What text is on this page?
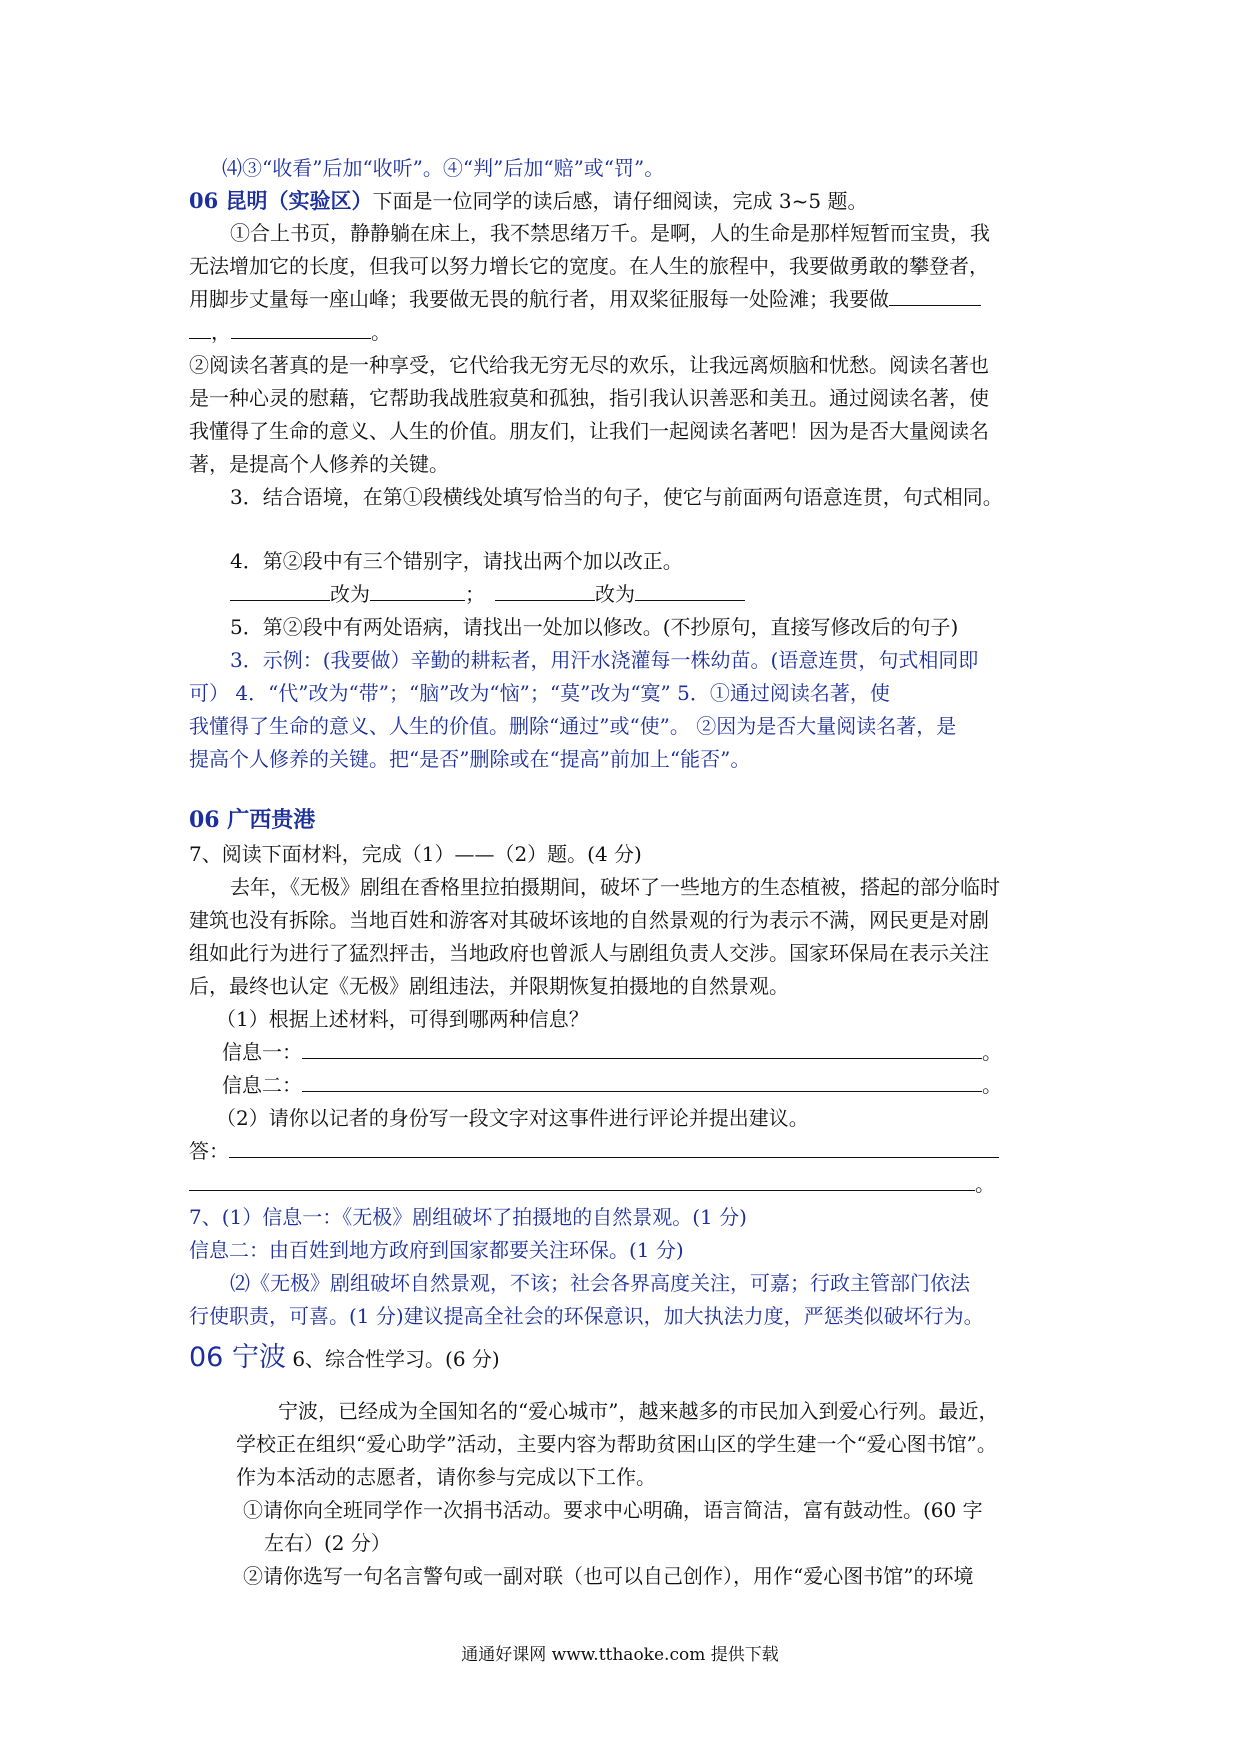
⑷③“收看”后加“收听”。④“判”后加“赔”或“罚”。
06 昆明（实验区）下面是一位同学的读后感，请仔细阅读，完成 3~5 题。
①合上书页，静静躺在床上，我不禁思绪万千。是啊，人的生命是那样短暂而宝贵，我
无法增加它的长度，但我可以努力增长它的宽度。在人生的旅程中，我要做勇敢的攀登者，
用脚步丈量每一座山峰；我要做无畏的航行者，用双桨征服每一处险滩；我要做
，	。
②阅读名著真的是一种享受，它代给我无穷无尽的欢乐，让我远离烦脑和忧愁。阅读名著也
是一种心灵的慰藉，它帮助我战胜寂莫和孤独，指引我认识善恶和美丑。通过阅读名著，使
我懂得了生命的意义、人生的价值。朋友们，让我们一起阅读名著吧！因为是否大量阅读名
著，是提高个人修养的关键。
3．结合语境，在第①段横线处填写恰当的句子，使它与前面两句语意连贯，句式相同。
4．第②段中有三个错别字，请找出两个加以改正。
改为	；	改为
5．第②段中有两处语病，请找出一处加以修改。(不抄原句，直接写修改后的句子)
3．示例：(我要做）辛勤的耕耘者，用汗水浇灌每一株幼苗。(语意连贯，句式相同即
可） 4．“代”改为“带”；“脑”改为“恼”；“莫”改为“寞” 5．①通过阅读名著，使
我懂得了生命的意义、人生的价值。删除“通过”或“使”。 ②因为是否大量阅读名著，是
提高个人修养的关键。把“是否”删除或在“提高”前加上“能否”。
06 广西贵港
7、阅读下面材料，完成（1）——（2）题。(4 分)
去年，《无极》剧组在香格里拉拍摄期间，破坏了一些地方的生态植被，搭起的部分临时
建筑也没有拆除。当地百姓和游客对其破坏该地的自然景观的行为表示不满，网民更是对剧
组如此行为进行了猛烈抨击，当地政府也曾派人与剧组负责人交涉。国家环保局在表示关注
后，最终也认定《无极》剧组违法，并限期恢复拍摄地的自然景观。
（1）根据上述材料，可得到哪两种信息？
信息一：	。
信息二：	。
（2）请你以记者的身份写一段文字对这事件进行评论并提出建议。
答：
。
7、(1）信息一：《无极》剧组破坏了拍摄地的自然景观。(1 分)
信息二：由百姓到地方政府到国家都要关注环保。(1 分)
⑵《无极》剧组破坏自然景观，不该；社会各界高度关注，可嘉；行政主管部门依法
行使职责，可喜。(1 分)建议提高全社会的环保意识，加大执法力度，严惩类似破坏行为。
06 宁波 6、综合性学习。(6 分)
宁波，已经成为全国知名的“爱心城市”，越来越多的市民加入到爱心行列。最近，
学校正在组织“爱心助学”活动，主要内容为帮助贫困山区的学生建一个“爱心图书馆”。
作为本活动的志愿者，请你参与完成以下工作。
①请你向全班同学作一次捐书活动。要求中心明确，语言简洁，富有鼓动性。(60 字
左右）(2 分）
②请你选写一句名言警句或一副对联（也可以自己创作），用作“爱心图书馆”的环境
通通好课网 www.tthaoke.com 提供下载
